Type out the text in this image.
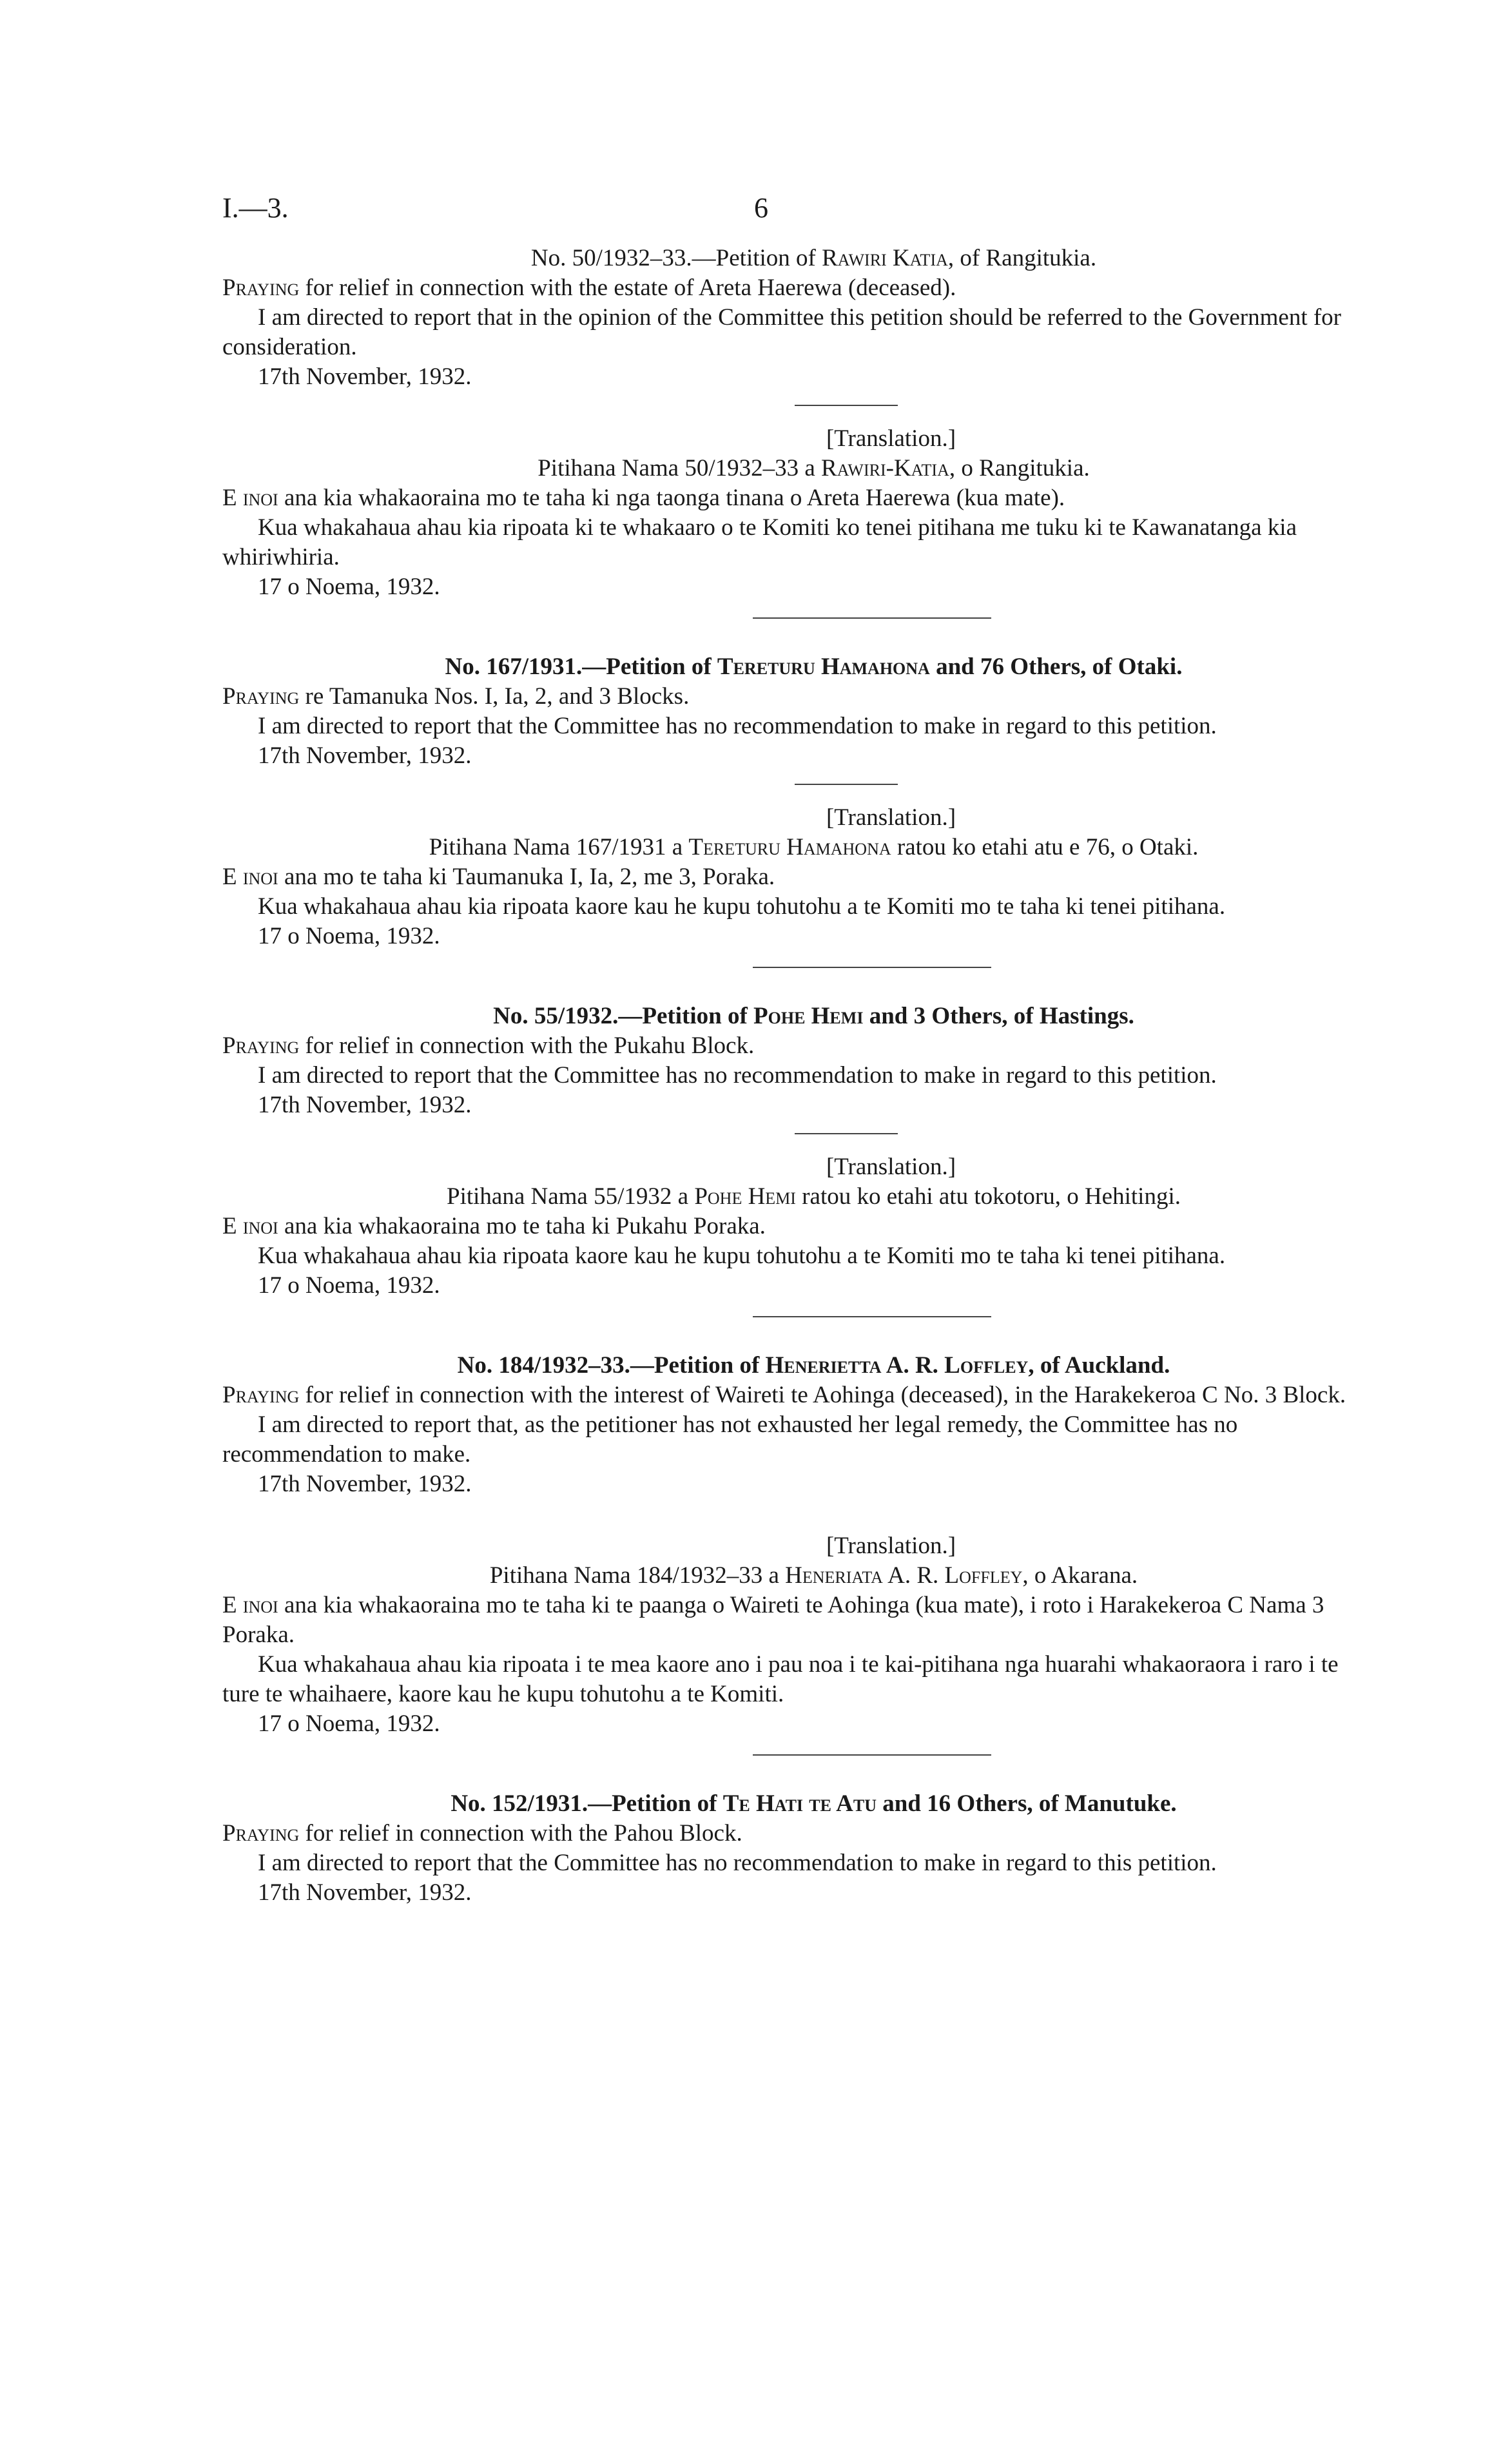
I.—3.	6

No. 50/1932–33.—Petition of Rawiri Katia, of Rangitukia.

Praying for relief in connection with the estate of Areta Haerewa (deceased).

I am directed to report that in the opinion of the Committee this petition should be referred to the Government for consideration.

17th November, 1932.

[Translation.]

Pitihana Nama 50/1932–33 a Rawiri-Katia, o Rangitukia.

E inoi ana kia whakaoraina mo te taha ki nga taonga tinana o Areta Haerewa (kua mate).

Kua whakahaua ahau kia ripoata ki te whakaaro o te Komiti ko tenei pitihana me tuku ki te Kawanatanga kia whiriwhiria.

17 o Noema, 1932.

No. 167/1931.—Petition of Tereturu Hamahona and 76 Others, of Otaki.

Praying re Tamanuka Nos. I, Ia, 2, and 3 Blocks.

I am directed to report that the Committee has no recommendation to make in regard to this petition.

17th November, 1932.

[Translation.]

Pitihana Nama 167/1931 a Tereturu Hamahona ratou ko etahi atu e 76, o Otaki.

E inoi ana mo te taha ki Taumanuka I, Ia, 2, me 3, Poraka.

Kua whakahaua ahau kia ripoata kaore kau he kupu tohutohu a te Komiti mo te taha ki tenei pitihana.

17 o Noema, 1932.

No. 55/1932.—Petition of Pohe Hemi and 3 Others, of Hastings.

Praying for relief in connection with the Pukahu Block.

I am directed to report that the Committee has no recommendation to make in regard to this petition.

17th November, 1932.

[Translation.]

Pitihana Nama 55/1932 a Pohe Hemi ratou ko etahi atu tokotoru, o Hehitingi.

E inoi ana kia whakaoraina mo te taha ki Pukahu Poraka.

Kua whakahaua ahau kia ripoata kaore kau he kupu tohutohu a te Komiti mo te taha ki tenei pitihana.

17 o Noema, 1932.

No. 184/1932–33.—Petition of Henerietta A. R. Loffley, of Auckland.

Praying for relief in connection with the interest of Waireti te Aohinga (deceased), in the Harakekeroa C No. 3 Block.

I am directed to report that, as the petitioner has not exhausted her legal remedy, the Committee has no recommendation to make.

17th November, 1932.

[Translation.]

Pitihana Nama 184/1932–33 a Heneriata A. R. Loffley, o Akarana.

E inoi ana kia whakaoraina mo te taha ki te paanga o Waireti te Aohinga (kua mate), i roto i Harakekeroa C Nama 3 Poraka.

Kua whakahaua ahau kia ripoata i te mea kaore ano i pau noa i te kai-pitihana nga huarahi whakaoraora i raro i te ture te whaihaere, kaore kau he kupu tohutohu a te Komiti.

17 o Noema, 1932.

No. 152/1931.—Petition of Te Hati te Atu and 16 Others, of Manutuke.

Praying for relief in connection with the Pahou Block.

I am directed to report that the Committee has no recommendation to make in regard to this petition.

17th November, 1932.
